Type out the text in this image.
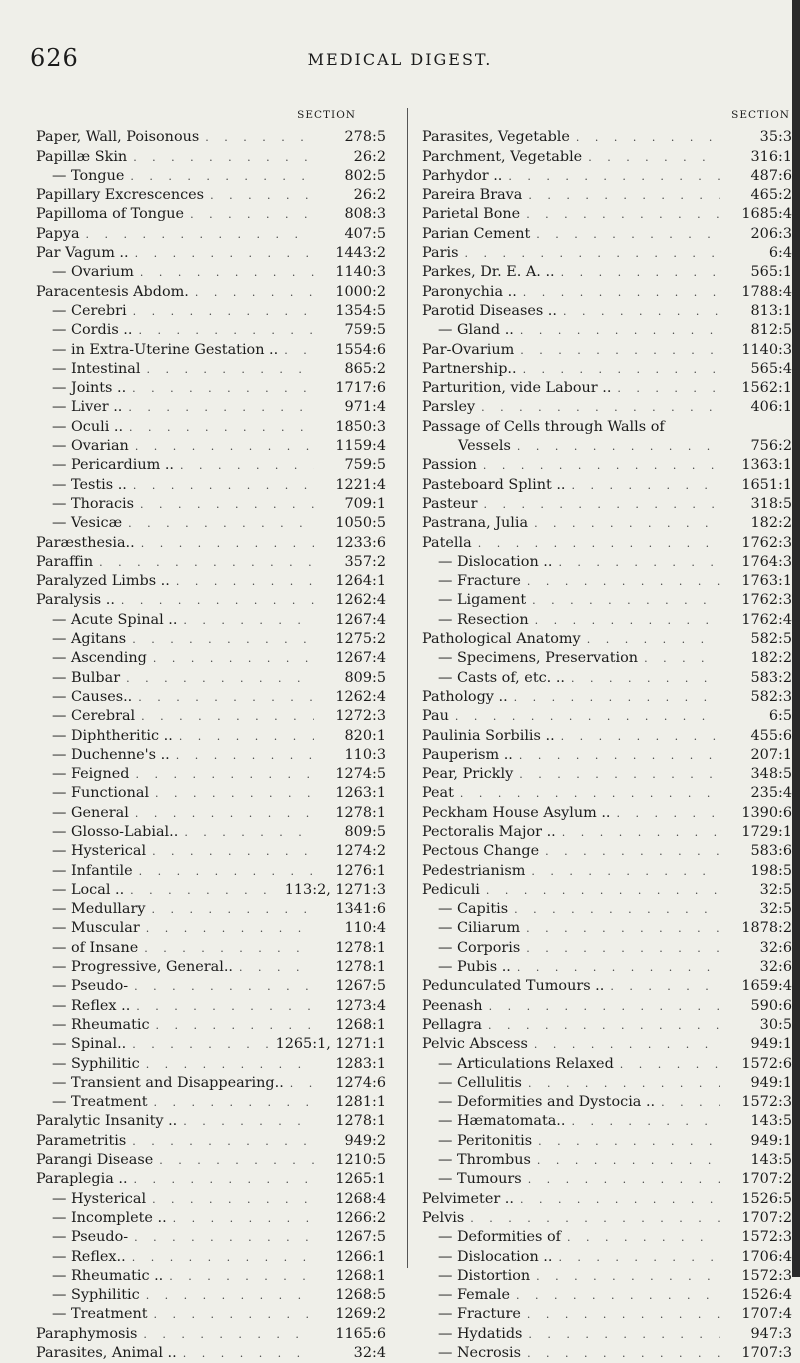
626	MEDICAL DIGEST.
SECTION
Paper, Wall, Poisonous . . .	278:5
Papillæ Skin . . .	26:2
— Tongue . . .	802:5
Papillary Excrescences . . .	26:2
Papilloma of Tongue . . .	808:3
Papya . . .	407:5
Par Vagum .. . . .	1443:2
— Ovarium . . .	1140:3
Paracentesis Abdom. . . .	1000:2
— Cerebri . . .	1354:5
— Cordis .. . . .	759:5
— in Extra-Uterine Gestation .. . . .	1554:6
— Intestinal . . .	865:2
— Joints .. . . .	1717:6
— Liver .. . . .	971:4
— Oculi .. . . .	1850:3
— Ovarian . . .	1159:4
— Pericardium .. . . .	759:5
— Testis .. . . .	1221:4
— Thoracis . . .	709:1
— Vesicæ . . .	1050:5
Paræsthesia.. . . .	1233:6
Paraffin . . .	357:2
Paralyzed Limbs .. . . .	1264:1
Paralysis .. . . .	1262:4
— Acute Spinal .. . . .	1267:4
— Agitans . . .	1275:2
— Ascending . . .	1267:4
— Bulbar . . .	809:5
— Causes.. . . .	1262:4
— Cerebral . . .	1272:3
— Diphtheritic .. . . .	820:1
— Duchenne's .. . . .	110:3
— Feigned . . .	1274:5
— Functional . . .	1263:1
— General . . .	1278:1
— Glosso-Labial.. . . .	809:5
— Hysterical . . .	1274:2
— Infantile . . .	1276:1
— Local .. . . .	113:2, 1271:3
— Medullary . . .	1341:6
— Muscular . . .	110:4
— of Insane . . .	1278:1
— Progressive, General.. . . .	1278:1
— Pseudo- . . .	1267:5
— Reflex .. . . .	1273:4
— Rheumatic . . .	1268:1
— Spinal.. . . .	1265:1, 1271:1
— Syphilitic . . .	1283:1
— Transient and Disappearing.. . . .	1274:6
— Treatment . . .	1281:1
Paralytic Insanity .. . . .	1278:1
Parametritis . . .	949:2
Parangi Disease . . .	1210:5
Paraplegia .. . . .	1265:1
— Hysterical . . .	1268:4
— Incomplete .. . . .	1266:2
— Pseudo- . . .	1267:5
— Reflex.. . . .	1266:1
— Rheumatic .. . . .	1268:1
— Syphilitic . . .	1268:5
— Treatment . . .	1269:2
Paraphymosis . . .	1165:6
Parasites, Animal .. . . .	32:4
SECTION
Parasites, Vegetable . . .	35:3
Parchment, Vegetable . . .	316:1
Parhydor .. . . .	487:6
Pareira Brava . . .	465:2
Parietal Bone . . .	1685:4
Parian Cement . . .	206:3
Paris . . .	6:4
Parkes, Dr. E. A. .. . . .	565:1
Paronychia .. . . .	1788:4
Parotid Diseases .. . . .	813:1
— Gland .. . . .	812:5
Par-Ovarium . . .	1140:3
Partnership.. . . .	565:4
Parturition, vide Labour .. . . .	1562:1
Parsley . . .	406:1
Passage of Cells through Walls of
Vessels . . .	756:2
Passion . . .	1363:1
Pasteboard Splint .. . . .	1651:1
Pasteur . . .	318:5
Pastrana, Julia . . .	182:2
Patella . . .	1762:3
— Dislocation .. . . .	1764:3
— Fracture . . .	1763:1
— Ligament . . .	1762:3
— Resection . . .	1762:4
Pathological Anatomy . . .	582:5
— Specimens, Preservation . . .	182:2
— Casts of, etc. .. . . .	583:2
Pathology .. . . .	582:3
Pau . . .	6:5
Paulinia Sorbilis .. . . .	455:6
Pauperism .. . . .	207:1
Pear, Prickly . . .	348:5
Peat . . .	235:4
Peckham House Asylum .. . . .	1390:6
Pectoralis Major .. . . .	1729:1
Pectous Change . . .	583:6
Pedestrianism . . .	198:5
Pediculi . . .	32:5
— Capitis . . .	32:5
— Ciliarum . . .	1878:2
— Corporis . . .	32:6
— Pubis .. . . .	32:6
Pedunculated Tumours .. . . .	1659:4
Peenash . . .	590:6
Pellagra . . .	30:5
Pelvic Abscess . . .	949:1
— Articulations Relaxed . . .	1572:6
— Cellulitis . . .	949:1
— Deformities and Dystocia .. . . .	1572:3
— Hæmatomata.. . . .	143:5
— Peritonitis . . .	949:1
— Thrombus . . .	143:5
— Tumours . . .	1707:2
Pelvimeter .. . . .	1526:5
Pelvis . . .	1707:2
— Deformities of . . .	1572:3
— Dislocation .. . . .	1706:4
— Distortion . . .	1572:3
— Female . . .	1526:4
— Fracture . . .	1707:4
— Hydatids . . .	947:3
— Necrosis . . .	1707:3
